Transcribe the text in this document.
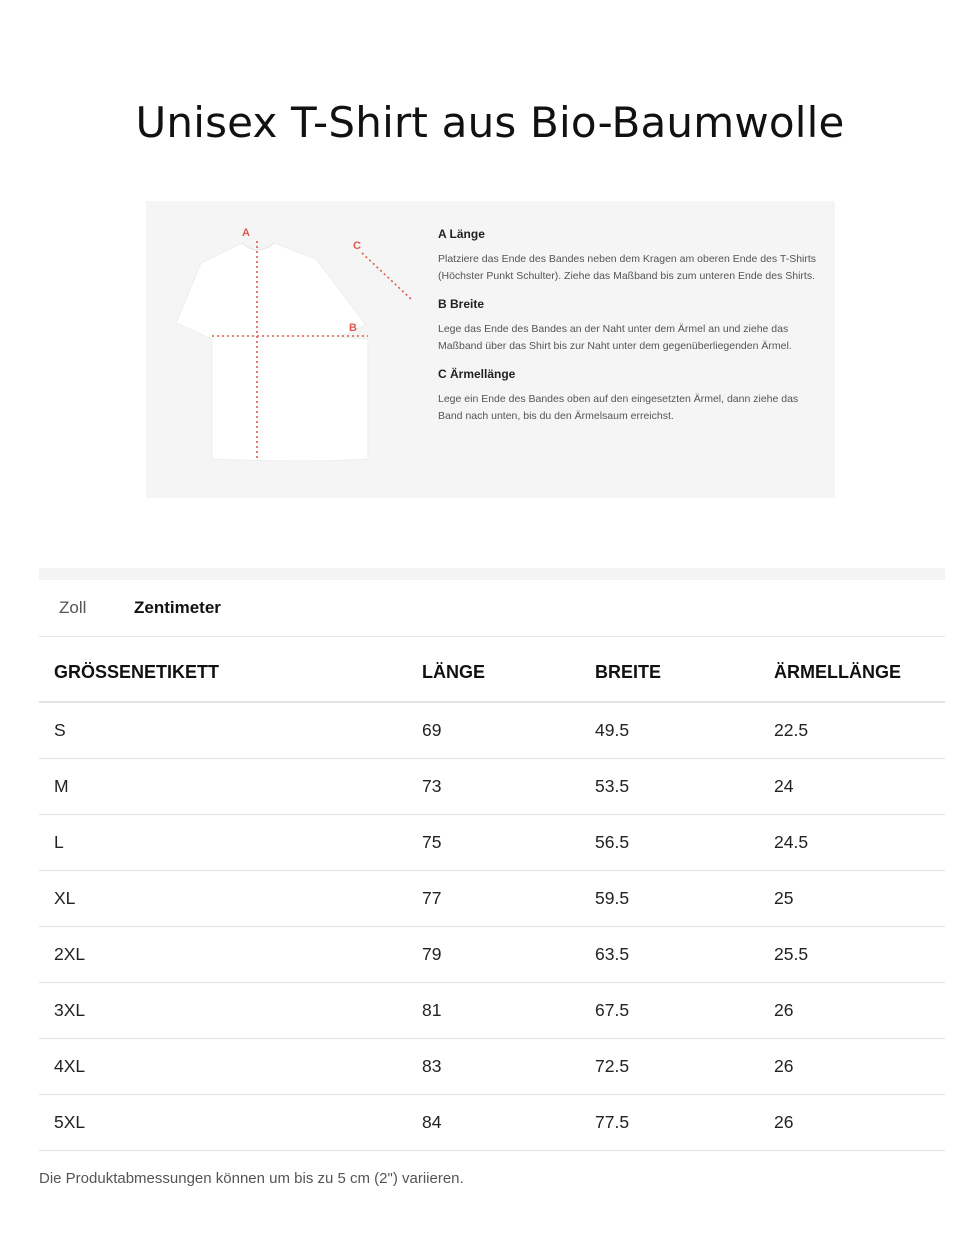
Unisex T-Shirt aus Bio-Baumwolle
A
B
C

A Länge

Platziere das Ende des Bandes neben dem Kragen am oberen Ende des T-Shirts (Höchster Punkt Schulter). Ziehe das Maßband bis zum unteren Ende des Shirts.

B Breite

Lege das Ende des Bandes an der Naht unter dem Ärmel an und ziehe das Maßband über das Shirt bis zur Naht unter dem gegenüberliegenden Ärmel.

C Ärmellänge

Lege ein Ende des Bandes oben auf den eingesetzten Ärmel, dann ziehe das Band nach unten, bis du den Ärmelsaum erreichst.

Zoll	Zentimeter
GRÖSSENETIKETT	LÄNGE	BREITE	ÄRMELLÄNGE
S	69	49.5	22.5
M	73	53.5	24
L	75	56.5	24.5
XL	77	59.5	25
2XL	79	63.5	25.5
3XL	81	67.5	26
4XL	83	72.5	26
5XL	84	77.5	26
Die Produktabmessungen können um bis zu 5 cm (2") variieren.
